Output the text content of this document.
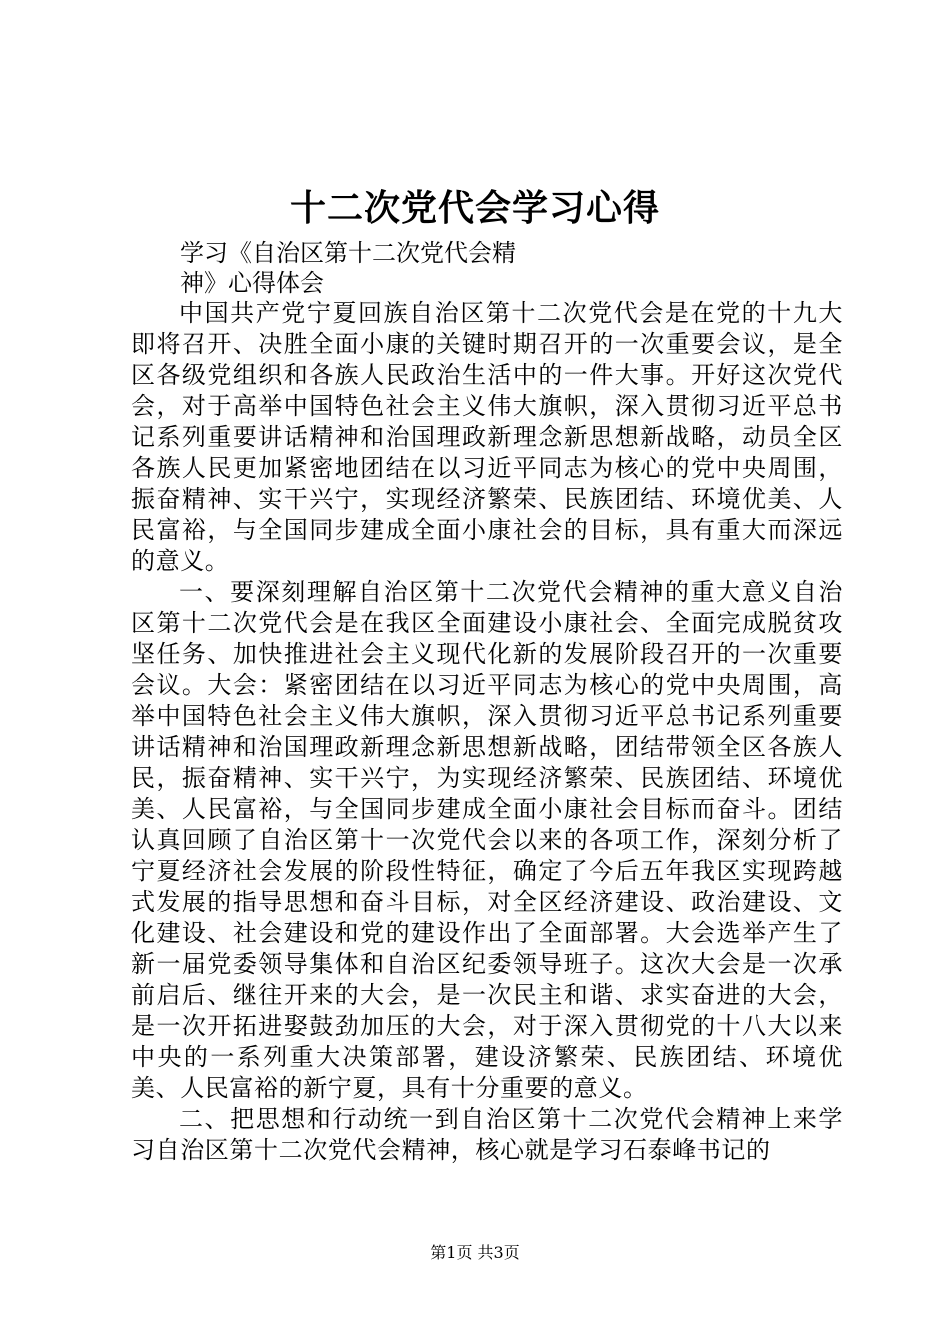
十二次党代会学习心得
学习《自治区第十二次党代会精
神》心得体会

中国共产党宁夏回族自治区第十二次党代会是在党的十九大即将召开、决胜全面小康的关键时期召开的一次重要会议，是全区各级党组织和各族人民政治生活中的一件大事。开好这次党代会，对于高举中国特色社会主义伟大旗帜，深入贯彻习近平总书记系列重要讲话精神和治国理政新理念新思想新战略，动员全区各族人民更加紧密地团结在以习近平同志为核心的党中央周围，振奋精神、实干兴宁，实现经济繁荣、民族团结、环境优美、人民富裕，与全国同步建成全面小康社会的目标，具有重大而深远的意义。

一、要深刻理解自治区第十二次党代会精神的重大意义自治区第十二次党代会是在我区全面建设小康社会、全面完成脱贫攻坚任务、加快推进社会主义现代化新的发展阶段召开的一次重要会议。大会：紧密团结在以习近平同志为核心的党中央周围，高举中国特色社会主义伟大旗帜，深入贯彻习近平总书记系列重要讲话精神和治国理政新理念新思想新战略，团结带领全区各族人民，振奋精神、实干兴宁，为实现经济繁荣、民族团结、环境优美、人民富裕，与全国同步建成全面小康社会目标而奋斗。团结认真回顾了自治区第十一次党代会以来的各项工作，深刻分析了宁夏经济社会发展的阶段性特征，确定了今后五年我区实现跨越式发展的指导思想和奋斗目标，对全区经济建设、政治建设、文化建设、社会建设和党的建设作出了全面部署。大会选举产生了新一届党委领导集体和自治区纪委领导班子。这次大会是一次承前启后、继往开来的大会，是一次民主和谐、求实奋进的大会，是一次开拓进娶鼓劲加压的大会，对于深入贯彻党的十八大以来中央的一系列重大决策部署，建设济繁荣、民族团结、环境优美、人民富裕的新宁夏，具有十分重要的意义。

二、把思想和行动统一到自治区第十二次党代会精神上来学习自治区第十二次党代会精神，核心就是学习石泰峰书记的

第1页 共3页
